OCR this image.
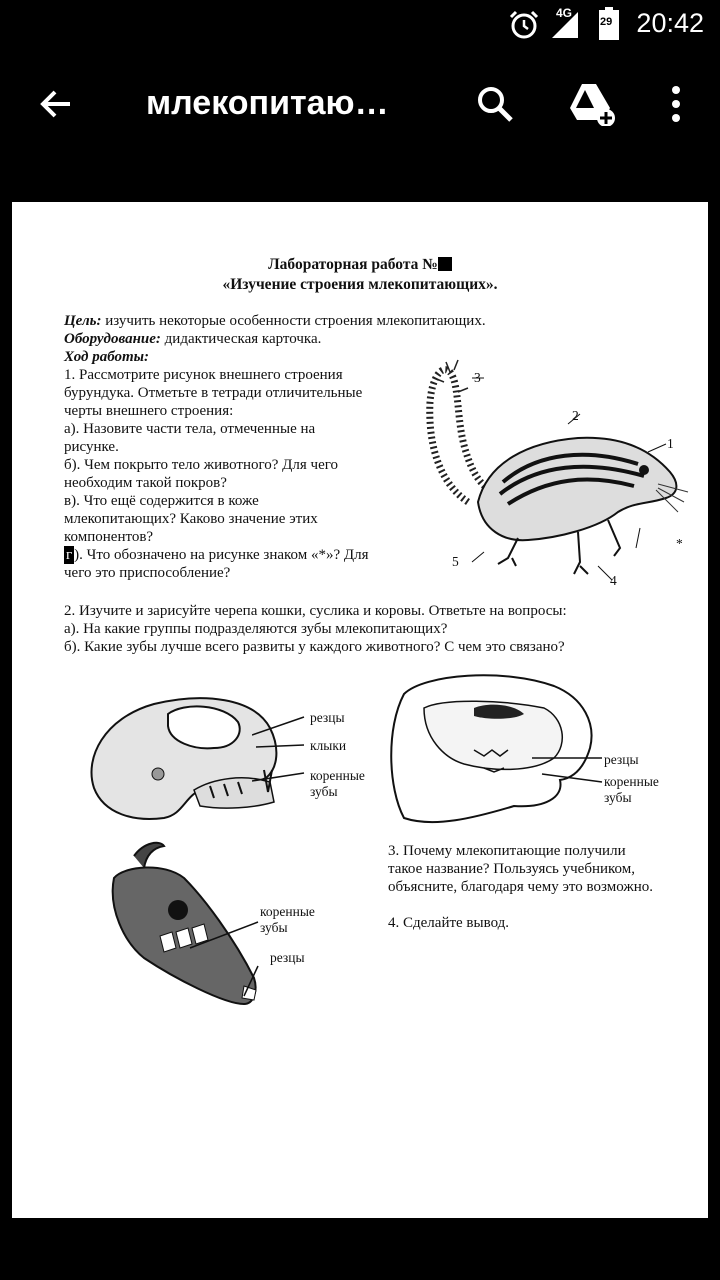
4G
29 20:42
млекопитаю…
Лабораторная работа №
«Изучение строения млекопитающих».
Цель: изучить некоторые особенности строения млекопитающих.
Оборудование: дидактическая карточка.
Ход работы:
1. Рассмотрите рисунок внешнего строения
бурундука. Отметьте в тетради отличительные
черты внешнего строения:
а). Назовите части тела, отмеченные на
рисунке.
б). Чем покрыто тело животного? Для чего
необходим такой покров?
в). Что ещё содержится в коже
млекопитающих? Каково значение этих
компонентов?
г ). Что обозначено на рисунке знаком «*»? Для
чего это приспособление?
3
2
1
*
4
5
2. Изучите и зарисуйте черепа кошки, суслика и коровы. Ответьте на вопросы:
а). На какие группы подразделяются зубы млекопитающих?
б). Какие зубы лучше всего развиты у каждого животного? С чем это связано?
резцы
клыки
коренные
зубы
резцы
коренные
зубы
коренные
зубы
резцы
3. Почему млекопитающие получили
такое название? Пользуясь учебником,
объясните, благодаря чему это возможно.
4. Сделайте вывод.
